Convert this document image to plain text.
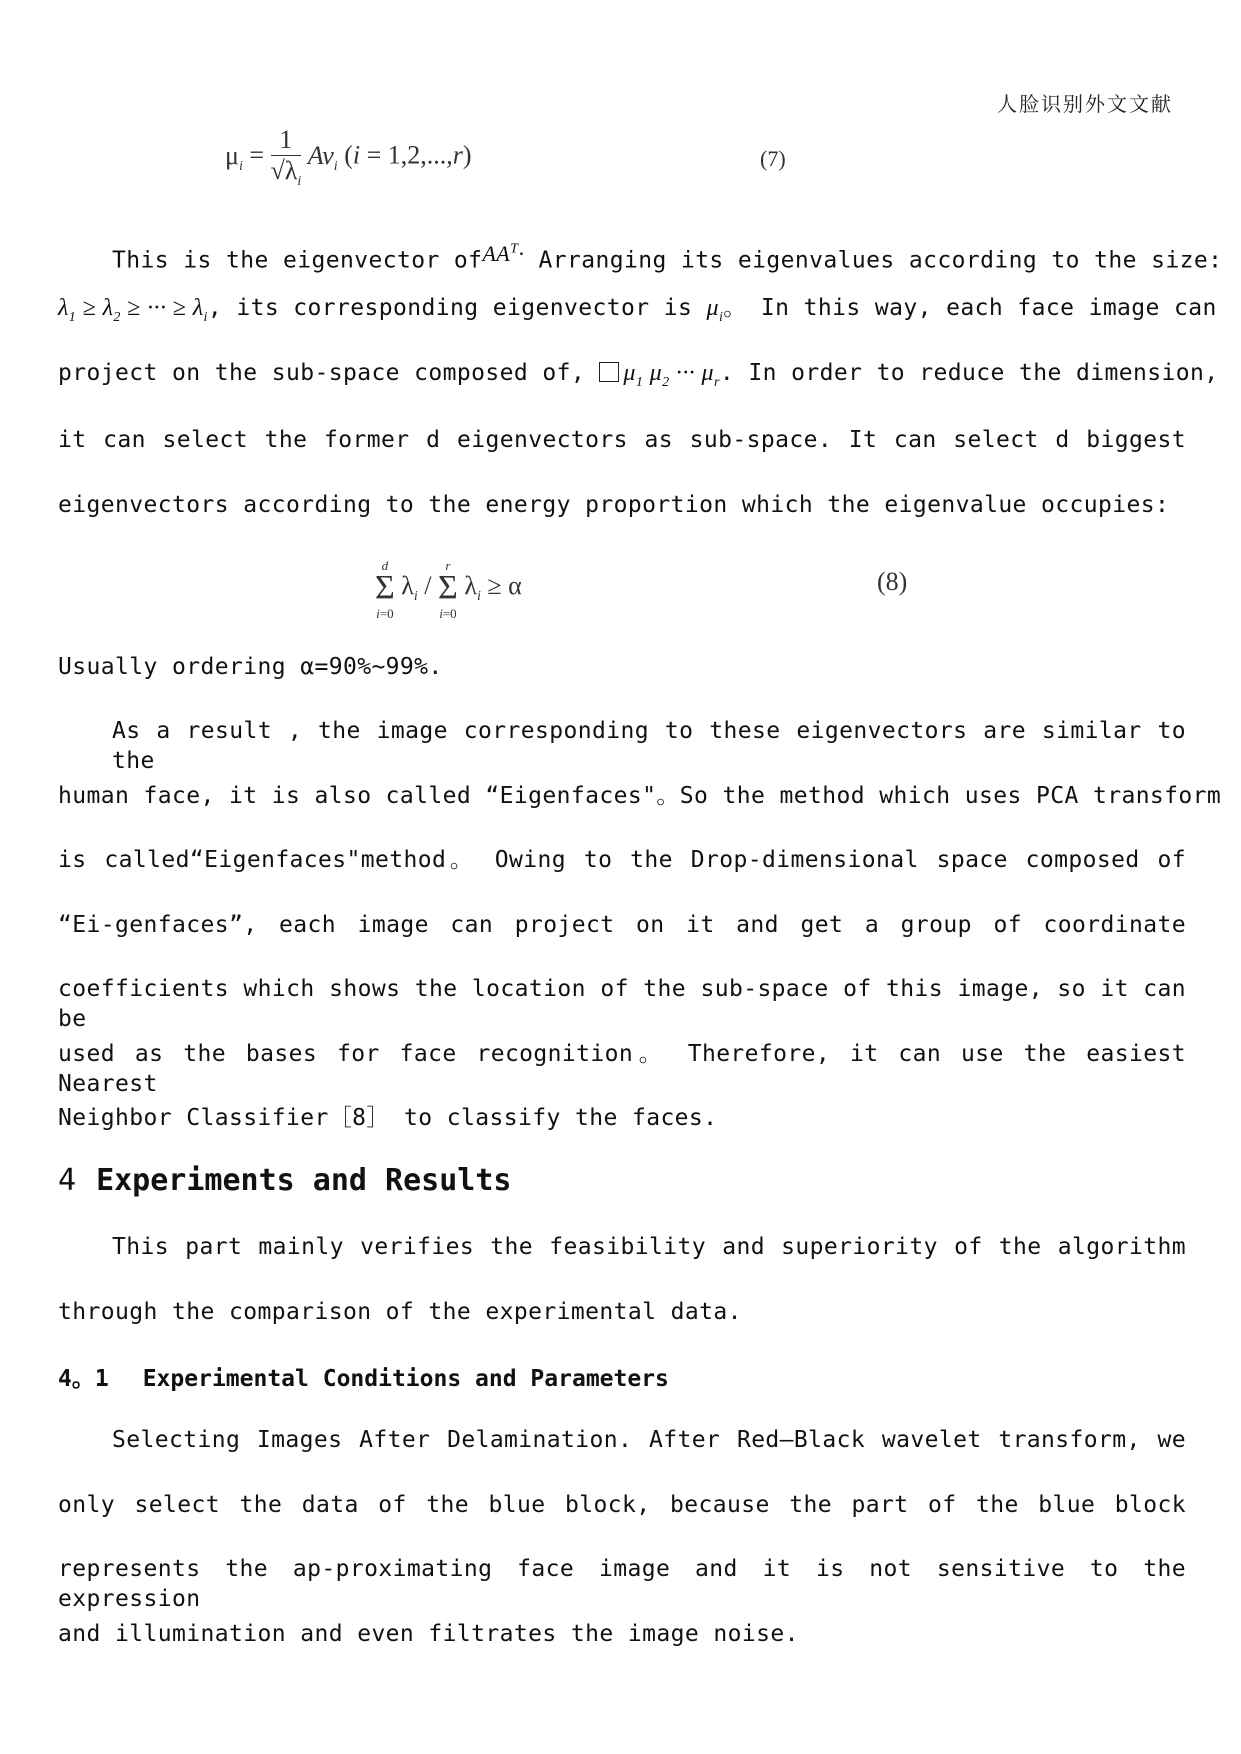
人脸识别外文文献
$\mu_i = \frac{1}{√\lambda_i} Av_i$ (i = 1,2,...,r)	(7)
This is the eigenvector ofAA$^T$· Arranging its eigenvalues according to the size:
$\lambda_1 \ge \lambda_2$ ≥ ··· ≥ $\lambda_i$, its corresponding eigenvector is $\mu_i$。 In this way, each face image can
project on the sub-space composed of, $\mu_1$ $\mu_2$ ··· $\mu_r$. In order to reduce the dimension,
it can select the former d eigenvectors as sub-space. It can select d biggest
eigenvectors according to the energy proportion which the eigenvalue occupies:
d
Σ
i=0 $\lambda_i$ / r
Σ
i=0 $\lambda_i \ge \alpha$	(8)
Usually ordering α=90%~99%.
As a result , the image corresponding to these eigenvectors are similar to the
human face, it is also called “Eigenfaces"。So the method which uses PCA transform
is called“Eigenfaces"method。 Owing to the Drop-dimensional space composed of
“Ei-genfaces”, each image can project on it and get a group of coordinate
coefficients which shows the location of the sub-space of this image, so it can be
used as the bases for face recognition。 Therefore, it can use the easiest Nearest
Neighbor Classifier［8］ to classify the faces.
4 Experiments and Results
This part mainly verifies the feasibility and superiority of the algorithm
through the comparison of the experimental data.
4。1 Experimental Conditions and Parameters
Selecting Images After Delamination. After Red—Black wavelet transform, we
only select the data of the blue block, because the part of the blue block
represents the ap-proximating face image and it is not sensitive to the expression
and illumination and even filtrates the image noise.
